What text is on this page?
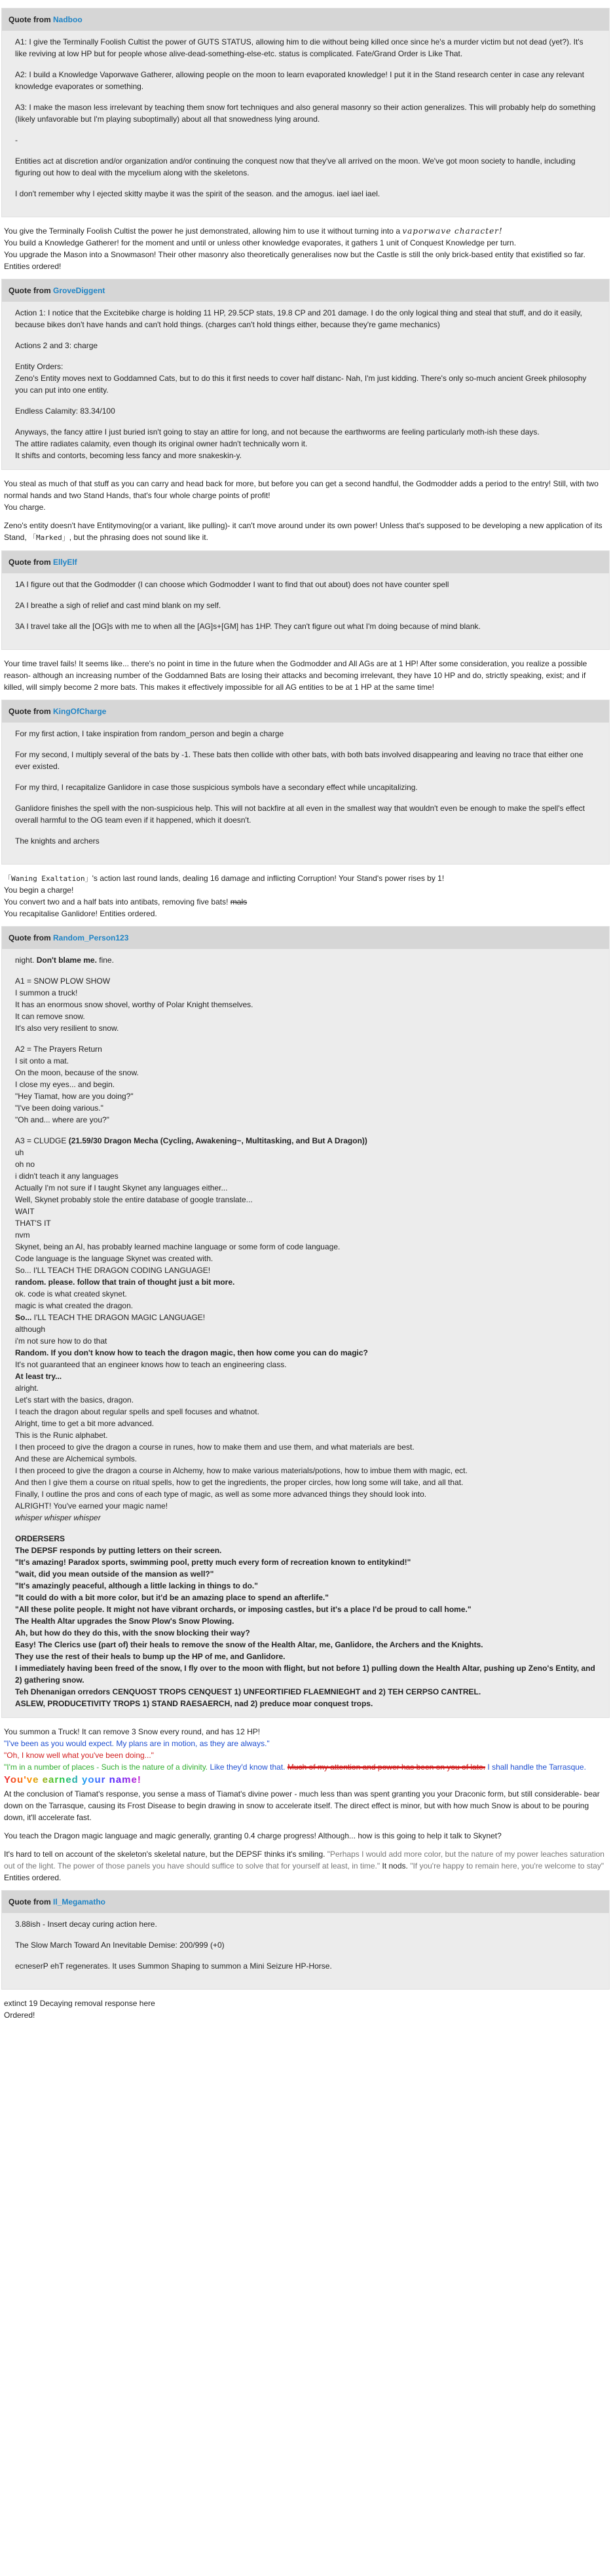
Quote from Nadboo

A1: I give the Terminally Foolish Cultist the power of GUTS STATUS, allowing him to die without being killed once since he's a murder victim but not dead (yet?). It's like reviving at low HP but for people whose alive-dead-something-else-etc. status is complicated. Fate/Grand Order is Like That.

A2: I build a Knowledge Vaporwave Gatherer, allowing people on the moon to learn evaporated knowledge! I put it in the Stand research center in case any relevant knowledge evaporates or something.

A3: I make the mason less irrelevant by teaching them snow fort techniques and also general masonry so their action generalizes. This will probably help do something (likely unfavorable but I'm playing suboptimally) about all that snowedness lying around.

-

Entities act at discretion and/or organization and/or continuing the conquest now that they've all arrived on the moon. We've got moon society to handle, including figuring out how to deal with the mycelium along with the skeletons.

I don't remember why I ejected skitty maybe it was the spirit of the season. and the amogus. iael iael iael.

You give the Terminally Foolish Cultist the power he just demonstrated, allowing him to use it without turning into a vaporwave character!
You build a Knowledge Gatherer! for the moment and until or unless other knowledge evaporates, it gathers 1 unit of Conquest Knowledge per turn.
You upgrade the Mason into a Snowmason! Their other masonry also theoretically generalises now but the Castle is still the only brick-based entity that existified so far.
Entities ordered!
Quote from GroveDiggent

Action 1: I notice that the Excitebike charge is holding 11 HP, 29.5CP stats, 19.8 CP and 201 damage. I do the only logical thing and steal that stuff, and do it easily, because bikes don't have hands and can't hold things. (charges can't hold things either, because they're game mechanics)

Actions 2 and 3: charge

Entity Orders:

Zeno's Entity moves next to Goddamned Cats, but to do this it first needs to cover half distanc- Nah, I'm just kidding. There's only so-much ancient Greek philosophy you can put into one entity.

Endless Calamity: 83.34/100

Anyways, the fancy attire I just buried isn't going to stay an attire for long, and not because the earthworms are feeling particularly moth-ish these days.
The attire radiates calamity, even though its original owner hadn't technically worn it.
It shifts and contorts, becoming less fancy and more snakeskin-y.
You steal as much of that stuff as you can carry and head back for more, but before you can get a second handful, the Godmodder adds a period to the entry! Still, with two normal hands and two Stand Hands, that's four whole charge points of profit!

You charge.

Zeno's entity doesn't have Entitymoving(or a variant, like pulling)- it can't move around under its own power! Unless that's supposed to be developing a new application of its Stand, 「Marked」, but the phrasing does not sound like it.
Quote from EllyElf

1A I figure out that the Godmodder (I can choose which Godmodder I want to find that out about) does not have counter spell

2A I breathe a sigh of relief and cast mind blank on my self.

3A I travel take all the [OG]s with me to when all the [AG]s+[GM] has 1HP. They can't figure out what I'm doing because of mind blank.

Your time travel fails! It seems like... there's no point in time in the future when the Godmodder and All AGs are at 1 HP! After some consideration, you realize a possible reason- although an increasing number of the Goddamned Bats are losing their attacks and becoming irrelevant, they have 10 HP and do, strictly speaking, exist; and if killed, will simply become 2 more bats. This makes it effectively impossible for all AG entities to be at 1 HP at the same time!
Quote from KingOfCharge

For my first action, I take inspiration from random_person and begin a charge

For my second, I multiply several of the bats by -1. These bats then collide with other bats, with both bats involved disappearing and leaving no trace that either one ever existed.

For my third, I recapitalize Ganlidore in case those suspicious symbols have a secondary effect while uncapitalizing.

Ganlidore finishes the spell with the non-suspicious help. This will not backfire at all even in the smallest way that wouldn't even be enough to make the spell's effect overall harmful to the OG team even if it happened, which it doesn't.

The knights and archers

「Waning Exaltation」's action last round lands, dealing 16 damage and inflicting Corruption! Your Stand's power rises by 1!
You begin a charge!
You convert two and a half bats into antibats, removing five bats! mals
You recapitalise Ganlidore! Entities ordered.
Quote from Random_Person123
night. Don't blame me. fine.
A1 = SNOW PLOW SHOW
I summon a truck!
It has an enormous snow shovel, worthy of Polar Knight themselves.
It can remove snow.
It's also very resilient to snow.
A2 = The Prayers Return
I sit onto a mat.
On the moon, because of the snow.
I close my eyes... and begin.
"Hey Tiamat, how are you doing?"
"I've been doing various."
"Oh and... where are you?"
A3 = CLUDGE (21.59/30 Dragon Mecha (Cycling, Awakening~, Multitasking, and But A Dragon))
uh
oh no
i didn't teach it any languages
Actually I'm not sure if I taught Skynet any languages either...
Well, Skynet probably stole the entire database of google translate...
WAIT
THAT'S IT
nvm
Skynet, being an AI, has probably learned machine language or some form of code language.
Code language is the language Skynet was created with.
So... I'LL TEACH THE DRAGON CODING LANGUAGE!
random. please. follow that train of thought just a bit more.
ok. code is what created skynet.
magic is what created the dragon.
So... I'LL TEACH THE DRAGON MAGIC LANGUAGE!
although
i'm not sure how to do that
Random. If you don't know how to teach the dragon magic, then how come you can do magic?
It's not guaranteed that an engineer knows how to teach an engineering class.
At least try...
alright.
Let's start with the basics, dragon.
I teach the dragon about regular spells and spell focuses and whatnot.
Alright, time to get a bit more advanced.
This is the Runic alphabet.
I then proceed to give the dragon a course in runes, how to make them and use them, and what materials are best.
And these are Alchemical symbols.
I then proceed to give the dragon a course in Alchemy, how to make various materials/potions, how to imbue them with magic, ect.
And then I give them a course on ritual spells, how to get the ingredients, the proper circles, how long some will take, and all that.
Finally, I outline the pros and cons of each type of magic, as well as some more advanced things they should look into.
ALRIGHT! You've earned your magic name!
whisper whisper whisper
ORDERSERS
The DEPSF responds by putting letters on their screen.
"It's amazing! Paradox sports, swimming pool, pretty much every form of recreation known to entitykind!"
"wait, did you mean outside of the mansion as well?"
"It's amazingly peaceful, although a little lacking in things to do."
"It could do with a bit more color, but it'd be an amazing place to spend an afterlife."
"All these polite people. It might not have vibrant orchards, or imposing castles, but it's a place I'd be proud to call home."
The Health Altar upgrades the Snow Plow's Snow Plowing.
Ah, but how do they do this, with the snow blocking their way?
Easy! The Clerics use (part of) their heals to remove the snow of the Health Altar, me, Ganlidore, the Archers and the Knights.
They use the rest of their heals to bump up the HP of me, and Ganlidore.
I immediately having been freed of the snow, I fly over to the moon with flight, but not before 1) pulling down the Health Altar, pushing up Zeno's Entity, and 2) gathering snow.
Teh Dhenanigan orredors CENQUOST TROPS CENQUEST 1) UNFEORTIFIED FLAEMNIEGHT and 2) TEH CERPSO CANTREL.
ASLEW, PRODUCETIVITY TROPS 1) STAND RAESAERCH, nad 2) preduce moar conquest trops.
You summon a Truck! It can remove 3 Snow every round, and has 12 HP!
"I've been as you would expect. My plans are in motion, as they are always."
"Oh, I know well what you've been doing..."
"I'm in a number of places - Such is the nature of a divinity. Like they'd know that. Much of my attention and power has been on you of late. I shall handle the Tarrasque. You've earned your name!

At the conclusion of Tiamat's response, you sense a mass of Tiamat's divine power - much less than was spent granting you your Draconic form, but still considerable- bear down on the Tarrasque, causing its Frost Disease to begin drawing in snow to accelerate itself. The direct effect is minor, but with how much Snow is about to be pouring down, it'll accelerate fast.

You teach the Dragon magic language and magic generally, granting 0.4 charge progress! Although... how is this going to help it talk to Skynet?

It's hard to tell on account of the skeleton's skeletal nature, but the DEPSF thinks it's smiling. "Perhaps I would add more color, but the nature of my power leaches saturation out of the light. The power of those panels you have should suffice to solve that for yourself at least, in time." It nods. "If you're happy to remain here, you're welcome to stay"
Entities ordered.
Quote from Il_Megamatho

3.88ish - Insert decay curing action here.

The Slow March Toward An Inevitable Demise: 200/999 (+0)

ecneserP ehT regenerates. It uses Summon Shaping to summon a Mini Seizure HP-Horse.

extinct 19 Decaying removal response here
Ordered!
